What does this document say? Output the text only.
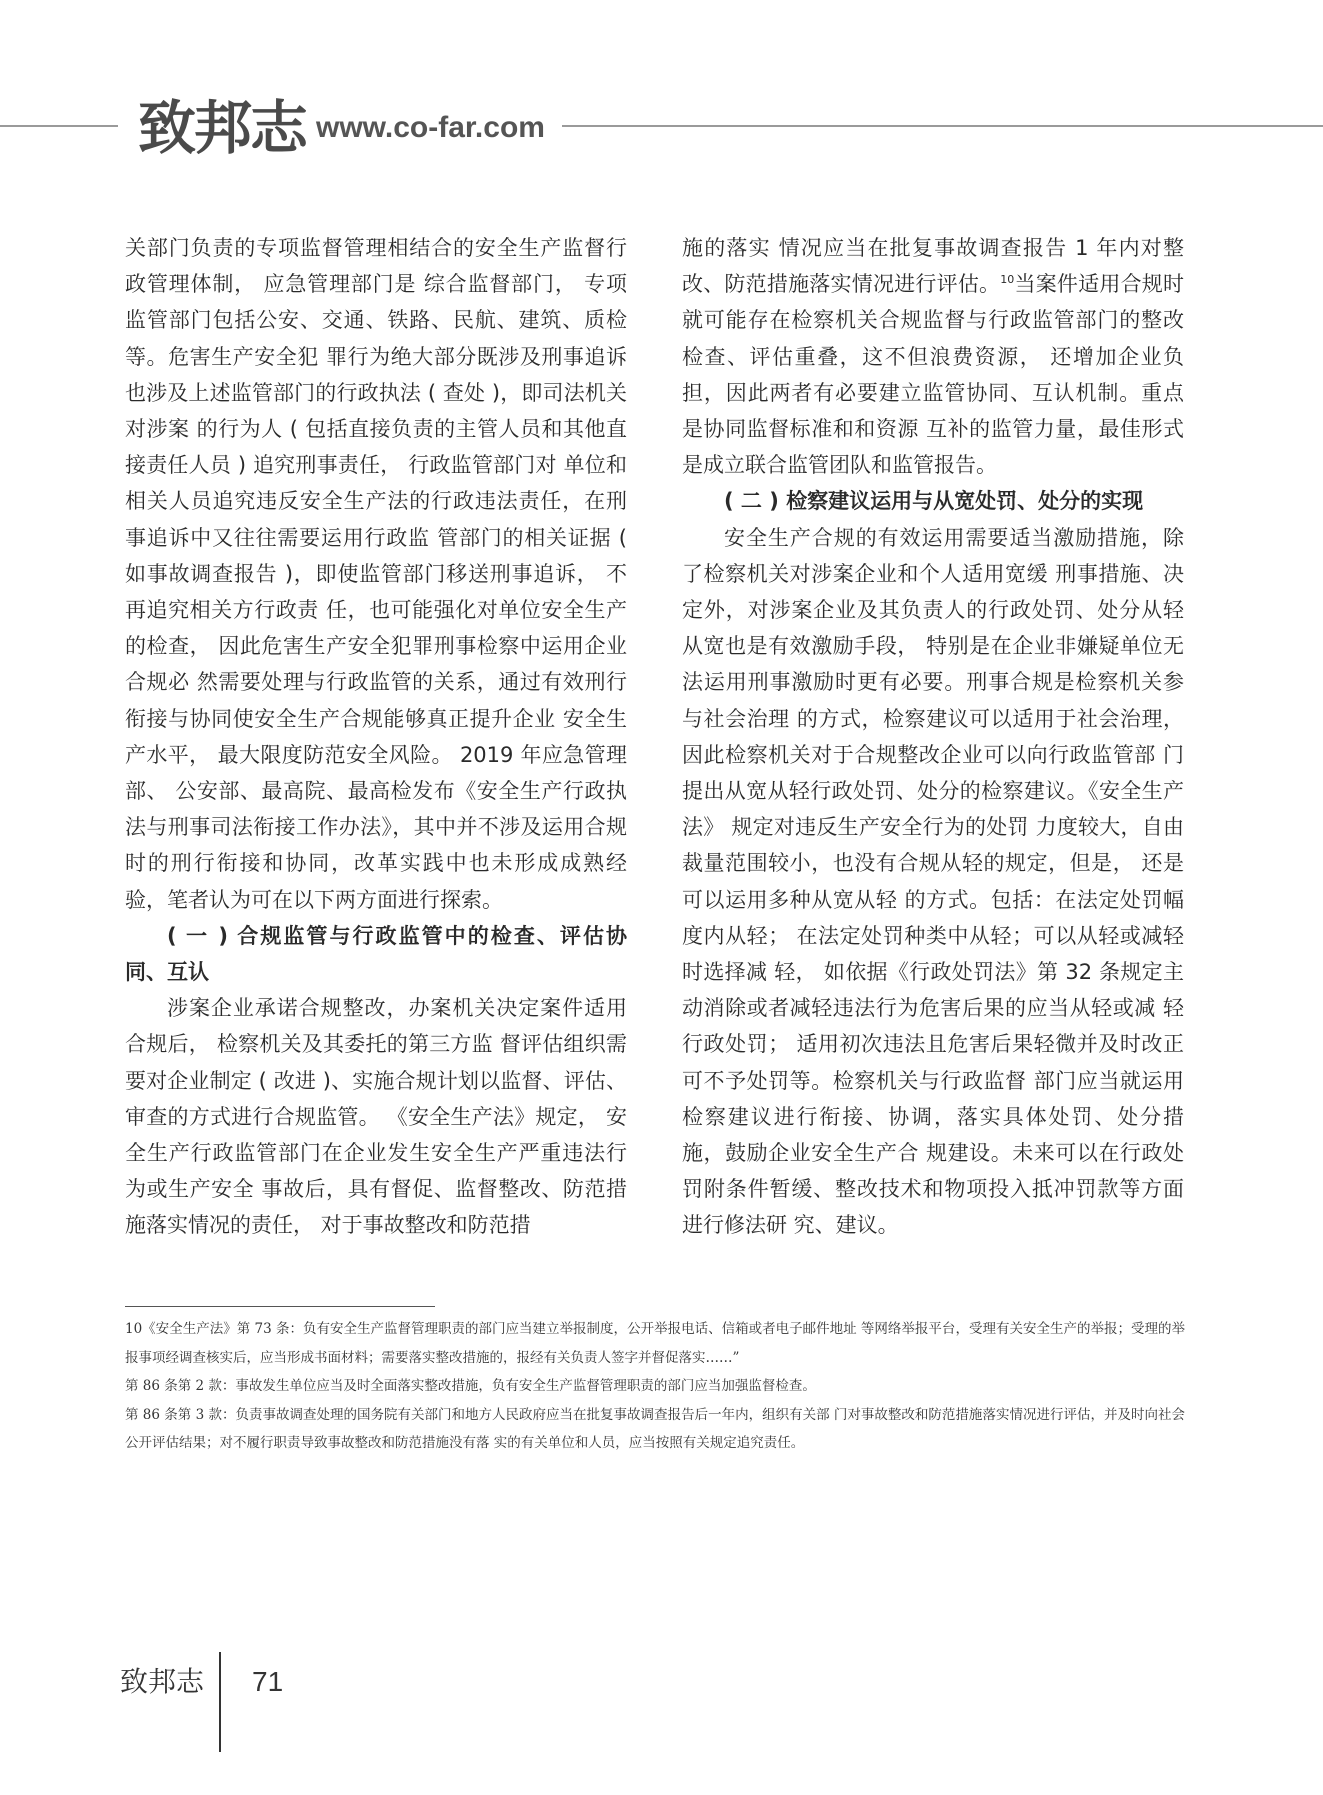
致邦志 www.co-far.com

关部门负责的专项监督管理相结合的安全生产监督行政管理体制， 应急管理部门是 综合监督部门， 专项监管部门包括公安、交通、铁路、民航、建筑、质检等。危害生产安全犯 罪行为绝大部分既涉及刑事追诉也涉及上述监管部门的行政执法 ( 查处 )，即司法机关对涉案 的行为人 ( 包括直接负责的主管人员和其他直接责任人员 ) 追究刑事责任， 行政监管部门对 单位和相关人员追究违反安全生产法的行政违法责任，在刑事追诉中又往往需要运用行政监 管部门的相关证据 ( 如事故调查报告 )，即使监管部门移送刑事追诉， 不再追究相关方行政责 任，也可能强化对单位安全生产的检查， 因此危害生产安全犯罪刑事检察中运用企业合规必 然需要处理与行政监管的关系，通过有效刑行衔接与协同使安全生产合规能够真正提升企业 安全生产水平， 最大限度防范安全风险。 2019 年应急管理部、 公安部、最高院、最高检发布《安全生产行政执法与刑事司法衔接工作办法》，其中并不涉及运用合规时的刑行衔接和协同，改革实践中也未形成成熟经验，笔者认为可在以下两方面进行探索。

( 一 ) 合规监管与行政监管中的检查、评估协同、互认

涉案企业承诺合规整改，办案机关决定案件适用合规后， 检察机关及其委托的第三方监 督评估组织需要对企业制定 ( 改进 )、实施合规计划以监督、评估、审查的方式进行合规监管。 《安全生产法》规定， 安全生产行政监管部门在企业发生安全生产严重违法行为或生产安全 事故后，具有督促、监督整改、防范措施落实情况的责任， 对于事故整改和防范措

施的落实 情况应当在批复事故调查报告 1 年内对整改、防范措施落实情况进行评估。$^{10}$当案件适用合规时就可能存在检察机关合规监督与行政监管部门的整改检查、评估重叠，这不但浪费资源， 还增加企业负担，因此两者有必要建立监管协同、互认机制。重点是协同监督标准和和资源 互补的监管力量，最佳形式是成立联合监管团队和监管报告。

( 二 ) 检察建议运用与从宽处罚、处分的实现

安全生产合规的有效运用需要适当激励措施，除了检察机关对涉案企业和个人适用宽缓 刑事措施、决定外，对涉案企业及其负责人的行政处罚、处分从轻从宽也是有效激励手段， 特别是在企业非嫌疑单位无法运用刑事激励时更有必要。刑事合规是检察机关参与社会治理 的方式，检察建议可以适用于社会治理， 因此检察机关对于合规整改企业可以向行政监管部 门提出从宽从轻行政处罚、处分的检察建议。《安全生产法》 规定对违反生产安全行为的处罚 力度较大，自由裁量范围较小，也没有合规从轻的规定，但是， 还是可以运用多种从宽从轻 的方式。包括：在法定处罚幅度内从轻； 在法定处罚种类中从轻；可以从轻或减轻时选择减 轻， 如依据《行政处罚法》第 32 条规定主动消除或者减轻违法行为危害后果的应当从轻或减 轻行政处罚； 适用初次违法且危害后果轻微并及时改正可不予处罚等。检察机关与行政监督 部门应当就运用检察建议进行衔接、协调，落实具体处罚、处分措施，鼓励企业安全生产合 规建设。未来可以在行政处罚附条件暂缓、整改技术和物项投入抵冲罚款等方面进行修法研 究、建议。

10《安全生产法》第 73 条：负有安全生产监督管理职责的部门应当建立举报制度，公开举报电话、信箱或者电子邮件地址 等网络举报平台，受理有关安全生产的举报；受理的举报事项经调查核实后，应当形成书面材料；需要落实整改措施的，报经有关负责人签字并督促落实……”

第 86 条第 2 款：事故发生单位应当及时全面落实整改措施，负有安全生产监督管理职责的部门应当加强监督检查。

第 86 条第 3 款：负责事故调查处理的国务院有关部门和地方人民政府应当在批复事故调查报告后一年内，组织有关部 门对事故整改和防范措施落实情况进行评估，并及时向社会公开评估结果；对不履行职责导致事故整改和防范措施没有落 实的有关单位和人员，应当按照有关规定追究责任。

致邦志 71
